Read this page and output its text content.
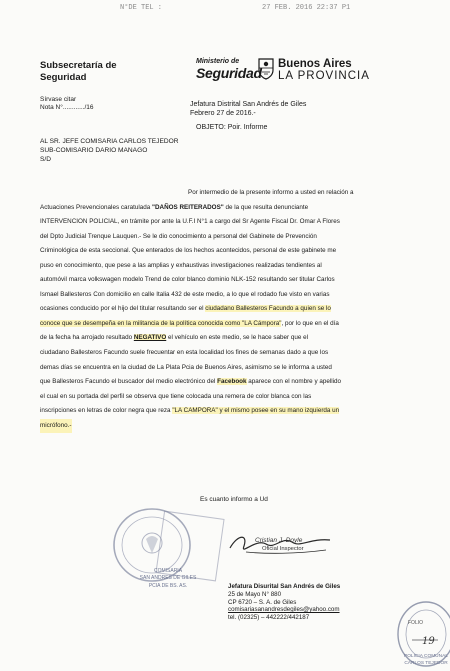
N°DE TEL :	27 FEB. 2016 22:37 P1
Subsecretaría de Seguridad
Ministerio de
Seguridad
Buenos Aires
LA PROVINCIA
Sírvase citar
Nota N°............/16	Jefatura Distrital San Andrés de Giles
Febrero 27 de 2016.-
OBJETO: Poir. Informe
AL SR. JEFE COMISARIA CARLOS TEJEDOR
SUB-COMISARIO DARIO MANAGO
S/D
Por intermedio de la presente informo a usted en relación a
Actuaciones Prevencionales caratulada "DAÑOS REITERADOS" de la que resulta denunciante
INTERVENCION POLICIAL, en trámite por ante la U.F.I N°1 a cargo del Sr Agente Fiscal Dr. Omar A Flores
del Dpto Judicial Trenque Lauquen.- Se le dio conocimiento a personal del Gabinete de Prevención
Criminológica de esta seccional. Que enterados de los hechos acontecidos, personal de este gabinete me
puso en conocimiento, que pese a las amplias y exhaustivas investigaciones realizadas tendientes al
automóvil marca volkswagen modelo Trend de color blanco dominio NLK-152 resultando ser titular Carlos
Ismael Ballesteros Con domicilio en calle Italia 432 de este medio, a lo que el rodado fue visto en varias
ocasiones conducido por el hijo del titular resultando ser el ciudadano Ballesteros Facundo a quien se lo
conoce que se desempeña en la militancia de la política conocida como "LA Cámpora", por lo que en el día
de la fecha ha arrojado resultado NEGATIVO el vehículo en este medio, se le hace saber que el
ciudadano Ballesteros Facundo suele frecuentar en esta localidad los fines de semanas dado a que los
demas días se encuentra en la ciudad de La Plata Pcia de Buenos Aires, asimismo se le informa a usted
que Ballesteros Facundo el buscador del medio electrónico del Facebook aparece con el nombre y apellido
el cual en su portada del perfil se observa que tiene colocada una remera de color blanca con las
inscripciones en letras de color negra que reza "LA CAMPORA" y el mismo posee en su mano izquierda un
micrófono.-
Es cuanto informo a Ud
COMISARIA
SAN ANDRES DE GILES
PCIA DE BS. AS.
Cristian J. Doyle
Oficial Inspector
Jefatura Disurital San Andrés de Giles
25 de Mayo N° 880
CP 6720 – S. A. de Giles
comisariasanandresdegiles@yahoo.com
tel. (02325) – 442222/442187
FOLIO
19
POLICIA COMUNAL
CARLOS TEJEDOR
